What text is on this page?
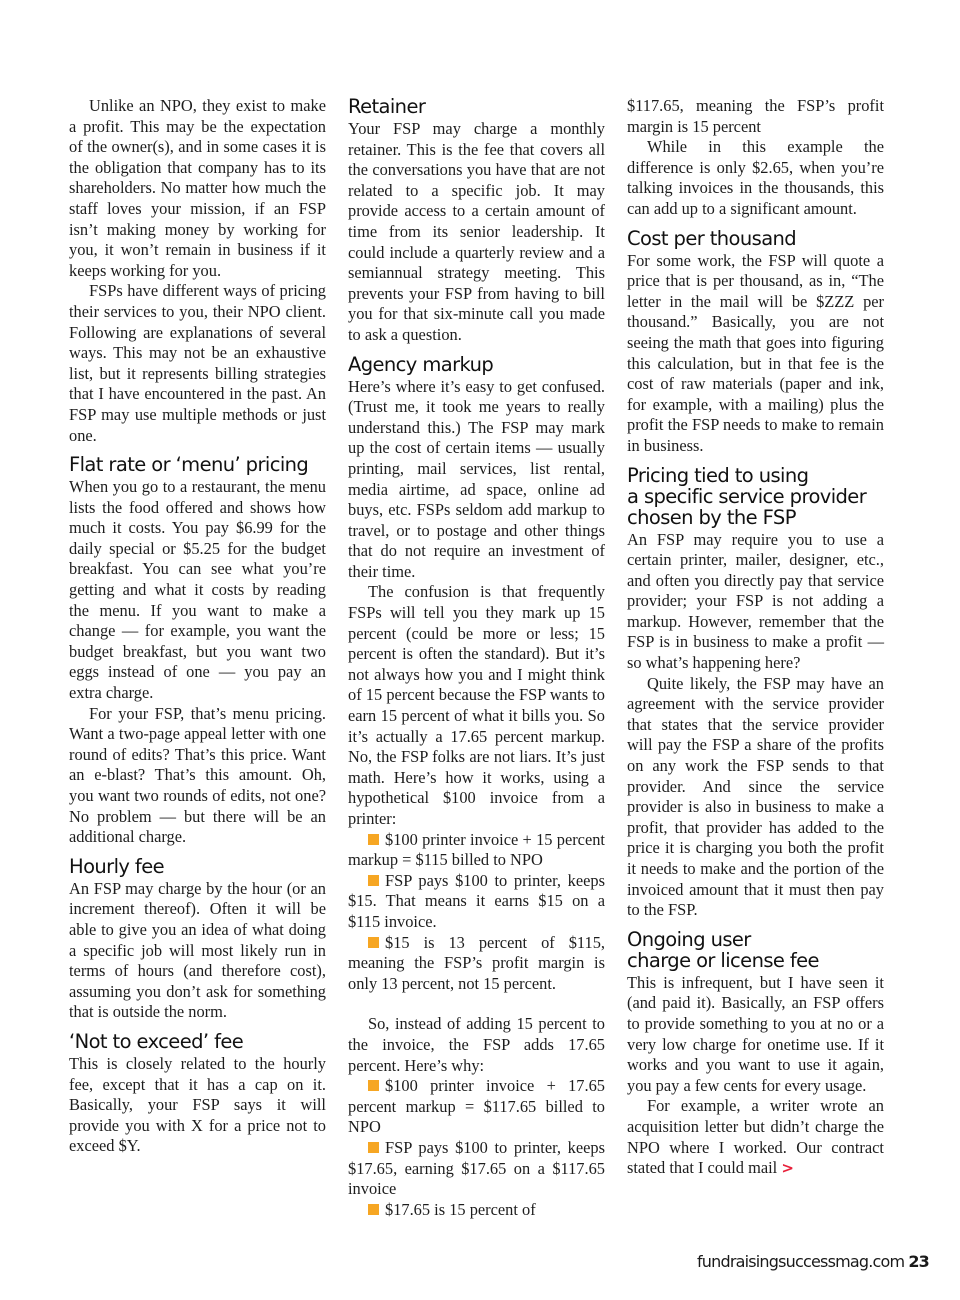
Unlike an NPO, they exist to make a profit. This may be the expectation of the owner(s), and in some cases it is the obligation that company has to its shareholders. No matter how much the staff loves your mission, if an FSP isn’t making money by working for you, it won’t remain in business if it keeps working for you.

FSPs have different ways of pricing their services to you, their NPO client. Following are explanations of several ways. This may not be an exhaustive list, but it represents billing strategies that I have encountered in the past. An FSP may use multiple methods or just one.

Flat rate or ‘menu’ pricing

When you go to a restaurant, the menu lists the food offered and shows how much it costs. You pay $6.99 for the daily special or $5.25 for the budget breakfast. You can see what you’re getting and what it costs by reading the menu. If you want to make a change — for example, you want the budget breakfast, but you want two eggs instead of one — you pay an extra charge.

For your FSP, that’s menu pricing. Want a two-page appeal letter with one round of edits? That’s this price. Want an e-blast? That’s this amount. Oh, you want two rounds of edits, not one? No problem — but there will be an additional charge.

Hourly fee

An FSP may charge by the hour (or an increment thereof). Often it will be able to give you an idea of what doing a specific job will most likely run in terms of hours (and therefore cost), assuming you don’t ask for something that is outside the norm.

‘Not to exceed’ fee

This is closely related to the hourly fee, except that it has a cap on it. Basically, your FSP says it will provide you with X for a price not to exceed $Y.

Retainer

Your FSP may charge a monthly retainer. This is the fee that covers all the conversations you have that are not related to a specific job. It may provide access to a certain amount of time from its senior leadership. It could include a quarterly review and a semiannual strategy meeting. This prevents your FSP from having to bill you for that six-minute call you made to ask a question.

Agency markup

Here’s where it’s easy to get confused. (Trust me, it took me years to really understand this.) The FSP may mark up the cost of certain items — usually printing, mail services, list rental, media airtime, ad space, online ad buys, etc. FSPs seldom add markup to travel, or to postage and other things that do not require an investment of their time.

The confusion is that frequently FSPs will tell you they mark up 15 percent (could be more or less; 15 percent is often the standard). But it’s not always how you and I might think of 15 percent because the FSP wants to earn 15 percent of what it bills you. So it’s actually a 17.65 percent markup. No, the FSP folks are not liars. It’s just math. Here’s how it works, using a hypothetical $100 invoice from a printer:

$100 printer invoice + 15 percent markup = $115 billed to NPO

FSP pays $100 to printer, keeps $15. That means it earns $15 on a $115 invoice.

$15 is 13 percent of $115, meaning the FSP’s profit margin is only 13 percent, not 15 percent.

So, instead of adding 15 percent to the invoice, the FSP adds 17.65 percent. Here’s why:

$100 printer invoice + 17.65 percent markup = $117.65 billed to NPO

FSP pays $100 to printer, keeps $17.65, earning $17.65 on a $117.65 invoice

$17.65 is 15 percent of

$117.65, meaning the FSP’s profit margin is 15 percent

While in this example the difference is only $2.65, when you’re talking invoices in the thousands, this can add up to a significant amount.

Cost per thousand

For some work, the FSP will quote a price that is per thousand, as in, “The letter in the mail will be $ZZZ per thousand.” Basically, you are not seeing the math that goes into figuring this calculation, but in that fee is the cost of raw materials (paper and ink, for example, with a mailing) plus the profit the FSP needs to make to remain in business.

Pricing tied to using
a specific service provider
chosen by the FSP

An FSP may require you to use a certain printer, mailer, designer, etc., and often you directly pay that service provider; your FSP is not adding a markup. However, remember that the FSP is in business to make a profit — so what’s happening here?

Quite likely, the FSP may have an agreement with the service provider that states that the service provider will pay the FSP a share of the profits on any work the FSP sends to that provider. And since the service provider is also in business to make a profit, that provider has added to the price it is charging you both the profit it needs to make and the portion of the invoiced amount that it must then pay to the FSP.

Ongoing user
charge or license fee

This is infrequent, but I have seen it (and paid it). Basically, an FSP offers to provide something to you at no or a very low charge for onetime use. If it works and you want to use it again, you pay a few cents for every usage.

For example, a writer wrote an acquisition letter but didn’t charge the NPO where I worked. Our contract stated that I could mail >

fundraisingsuccessmag.com 23
